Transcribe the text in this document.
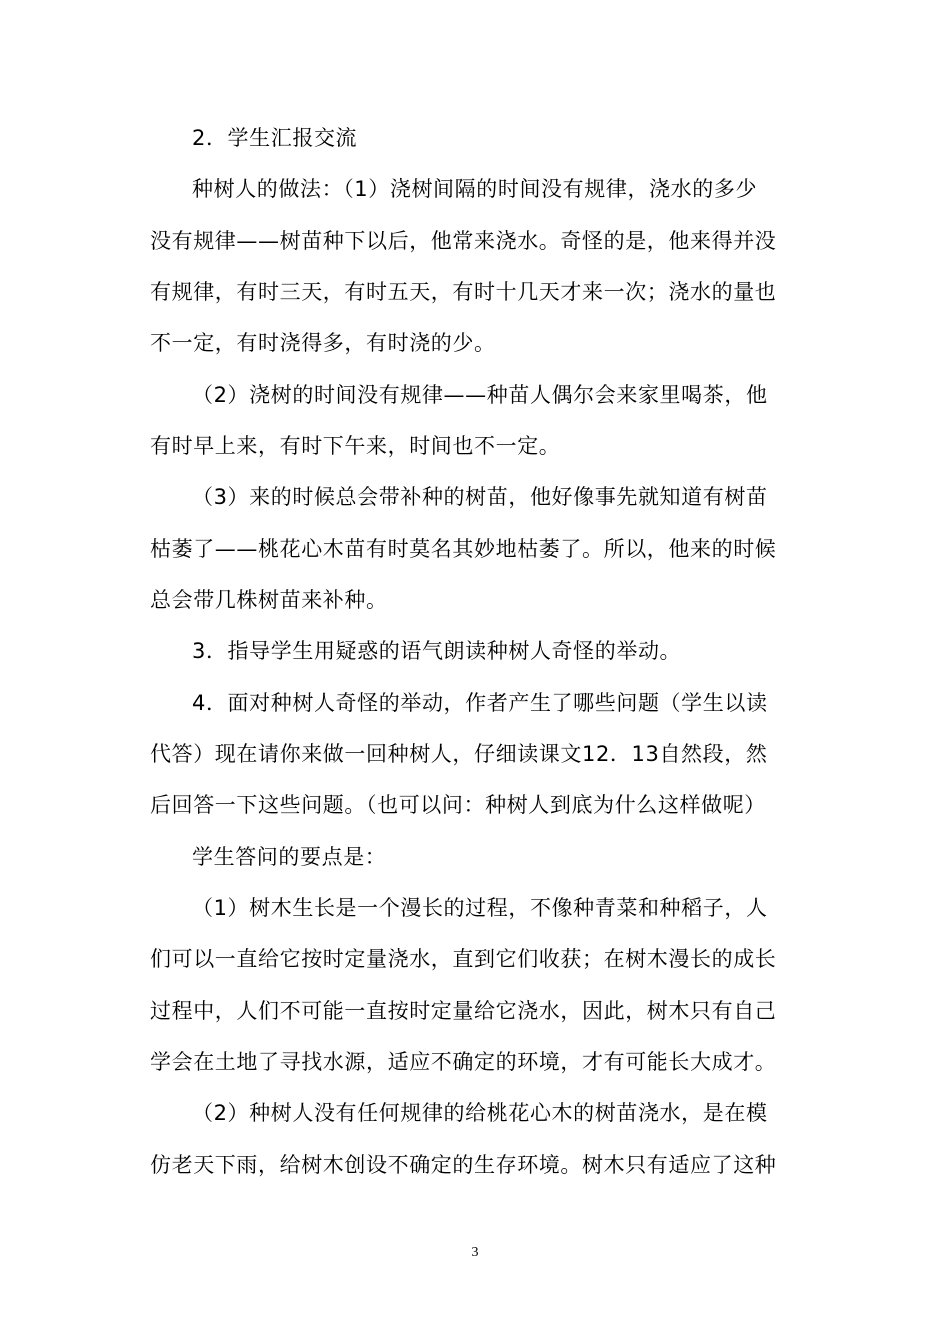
2．学生汇报交流

种树人的做法：（1）浇树间隔的时间没有规律，浇水的多少

没有规律——树苗种下以后，他常来浇水。奇怪的是，他来得并没

有规律，有时三天，有时五天，有时十几天才来一次；浇水的量也

不一定，有时浇得多，有时浇的少。

（2）浇树的时间没有规律——种苗人偶尔会来家里喝茶，他

有时早上来，有时下午来，时间也不一定。

（3）来的时候总会带补种的树苗，他好像事先就知道有树苗

枯萎了——桃花心木苗有时莫名其妙地枯萎了。所以，他来的时候

总会带几株树苗来补种。

3．指导学生用疑惑的语气朗读种树人奇怪的举动。

4．面对种树人奇怪的举动，作者产生了哪些问题（学生以读

代答）现在请你来做一回种树人，仔细读课文12．13自然段，然

后回答一下这些问题。（也可以问：种树人到底为什么这样做呢）

学生答问的要点是：

（1）树木生长是一个漫长的过程，不像种青菜和种稻子，人

们可以一直给它按时定量浇水，直到它们收获；在树木漫长的成长

过程中，人们不可能一直按时定量给它浇水，因此，树木只有自己

学会在土地了寻找水源，适应不确定的环境，才有可能长大成才。

（2）种树人没有任何规律的给桃花心木的树苗浇水，是在模

仿老天下雨，给树木创设不确定的生存环境。树木只有适应了这种

3
